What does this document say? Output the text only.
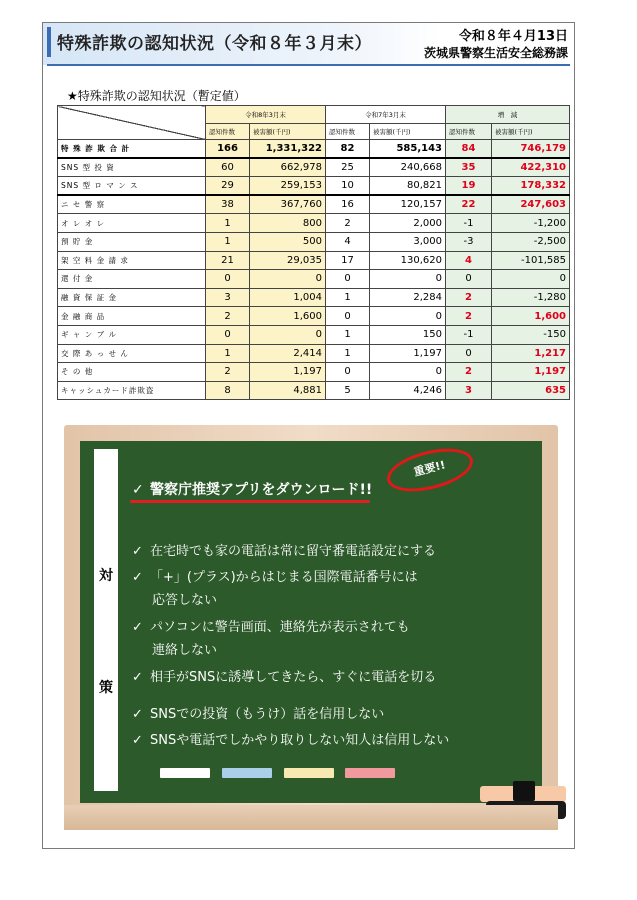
特殊詐欺の認知状況（令和８年３月末）	令和８年４月13日
茨城県警察生活安全総務課
★特殊詐欺の認知状況（暫定値）
	令和8年3月末		令和7年3月末		増　減	
	認知件数	被害額(千円)	認知件数	被害額(千円)	認知件数	被害額(千円)
特 殊 詐 欺 合 計	166	1,331,322	82	585,143	84	746,179
SNS 型 投 資	60	662,978	25	240,668	35	422,310
SNS 型 ロ マ ン ス	29	259,153	10	80,821	19	178,332
ニ セ 警 察	38	367,760	16	120,157	22	247,603
オ レ オ レ	1	800	2	2,000	-1	-1,200
預 貯 金	1	500	4	3,000	-3	-2,500
架 空 料 金 請 求	21	29,035	17	130,620	4	-101,585
還 付 金	0	0	0	0	0	0
融 資 保 証 金	3	1,004	1	2,284	2	-1,280
金 融 商 品	2	1,600	0	0	2	1,600
ギ ャ ン ブ ル	0	0	1	150	-1	-150
交 際 あ っ せ ん	1	2,414	1	1,197	0	1,217
そ の 他	2	1,197	0	0	2	1,197
キャッシュカード詐欺盗	8	4,881	5	4,246	3	635
対
策
重要!!
✓ 警察庁推奨アプリをダウンロード!!
✓ 在宅時でも家の電話は常に留守番電話設定にする
✓ 「+」(プラス)からはじまる国際電話番号には
応答しない
✓ パソコンに警告画面、連絡先が表示されても
連絡しない
✓ 相手がSNSに誘導してきたら、すぐに電話を切る
✓ SNSでの投資（もうけ）話を信用しない
✓ SNSや電話でしかやり取りしない知人は信用しない
